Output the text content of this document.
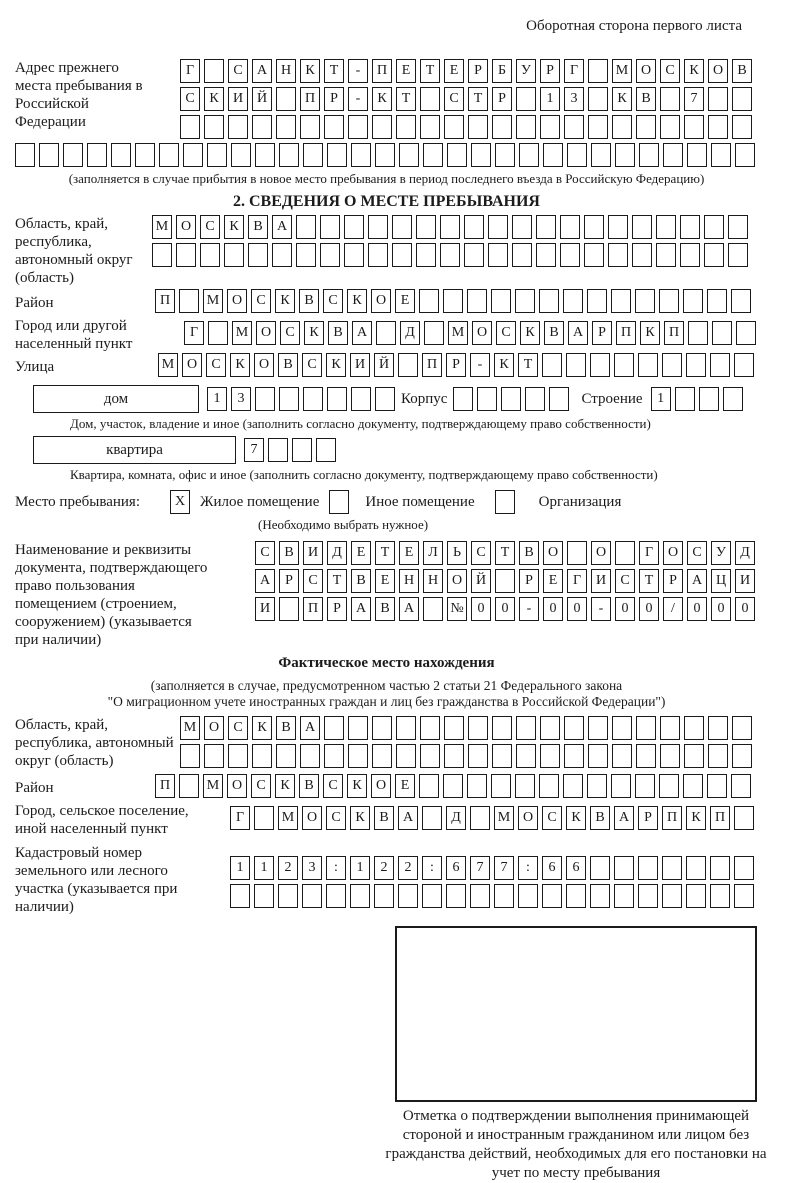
Оборотная сторона первого листа
Адрес прежнего места пребывания в Российской Федерации
Г	С	А Н	К	Т	-	П	Е	Т	Е	Р	Б	У	Р	Г	М О	С	К	О	В
С	К	И Й	П	Р	-	К	Т	С	Т	Р	1	3	К	В	7
(заполняется в случае прибытия в новое место пребывания в период последнего въезда в Российскую Федерацию)
2. СВЕДЕНИЯ О МЕСТЕ ПРЕБЫВАНИЯ
Область, край, республика, автономный округ (область)
М О	С	К	В	А
Район	П	М О	С	К	В	С	К	О	Е
Город или другой населенный пункт
Г	М О	С	К	В	А	Д	М О	С	К	В	А	Р	П	К	П
Улица	М О	С	К	О	В	С	К	И Й	П	Р	-	К	Т
дом	1	3	Корпус	Строение	1
Дом, участок, владение и иное (заполнить согласно документу, подтверждающему право собственности)
квартира	7
Квартира, комната, офис и иное (заполнить согласно документу, подтверждающему право собственности)
Место пребывания:	X Жилое помещение	Иное помещение	Организация
(Необходимо выбрать нужное)
Наименование и реквизиты документа, подтверждающего право пользования помещением (строением, сооружением) (указывается при наличии)
С	В	И	Д	Е	Т	Е	Л	Ь	С	Т	В	О	О	Г	О	С	У	Д
А	Р	С	Т	В	Е	Н Н О Й	Р	Е	Г	И	С	Т	Р	А Ц И
И	П	Р	А	В	А	№ 0	0	-	0	0	-	0	0	/	0	0	0
Фактическое место нахождения
(заполняется в случае, предусмотренном частью 2 статьи 21 Федерального закона
"О миграционном учете иностранных граждан и лиц без гражданства в Российской Федерации")
Область, край, республика, автономный округ (область)
М О	С	К	В	А
Район	П	М О	С	К	В	С	К	О	Е
Город, сельское поселение, иной населенный пункт
Г	М О	С	К	В	А	Д	М О	С	К	В	А	Р	П	К	П
Кадастровый номер земельного или лесного участка (указывается при наличии)
1	1	2	3	:	1	2	2	:	6	7	7	:	6	6
Отметка о подтверждении выполнения принимающей стороной и иностранным гражданином или лицом без гражданства действий, необходимых для его постановки на учет по месту пребывания
